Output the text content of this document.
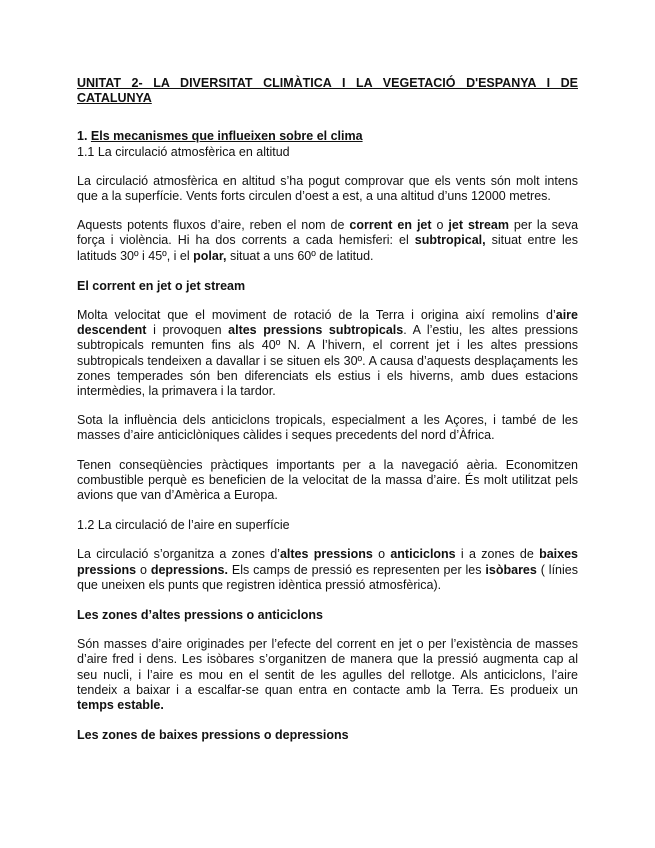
UNITAT 2- LA DIVERSITAT CLIMÀTICA I LA VEGETACIÓ D'ESPANYA I DE
CATALUNYA
1. Els mecanismes que influeixen sobre el clima
1.1 La circulació atmosfèrica en altitud

La circulació atmosfèrica en altitud s’ha pogut comprovar que els vents són molt intens que a la superfície. Vents forts circulen d’oest a est, a una altitud d’uns 12000 metres.

Aquests potents fluxos d’aire, reben el nom de corrent en jet o jet stream per la seva força i violència. Hi ha dos corrents a cada hemisferi: el subtropical, situat entre les latituds 30º i 45º, i el polar, situat a uns 60º de latitud.

El corrent en jet o jet stream

Molta velocitat que el moviment de rotació de la Terra i origina així remolins d’aire descendent i provoquen altes pressions subtropicals. A l’estiu, les altes pressions subtropicals remunten fins als 40º N. A l’hivern, el corrent jet i les altes pressions subtropicals tendeixen a davallar i se situen els 30º. A causa d’aquests desplaçaments les zones temperades són ben diferenciats els estius i els hiverns, amb dues estacions intermèdies, la primavera i la tardor.

Sota la influència dels anticiclons tropicals, especialment a les Açores, i també de les masses d’aire anticiclòniques càlides i seques precedents del nord d’Àfrica.

Tenen conseqüències pràctiques importants per a la navegació aèria. Economitzen combustible perquè es beneficien de la velocitat de la massa d’aire. És molt utilitzat pels avions que van d’Amèrica a Europa.

1.2 La circulació de l’aire en superfície

La circulació s’organitza a zones d’altes pressions o anticiclons i a zones de baixes pressions o depressions. Els camps de pressió es representen per les isòbares ( línies que uneixen els punts que registren idèntica pressió atmosfèrica).

Les zones d’altes pressions o anticiclons

Són masses d’aire originades per l’efecte del corrent en jet o per l’existència de masses d’aire fred i dens. Les isòbares s’organitzen de manera que la pressió augmenta cap al seu nucli, i l’aire es mou en el sentit de les agulles del rellotge. Als anticiclons, l’aire tendeix a baixar i a escalfar-se quan entra en contacte amb la Terra. Es produeix un temps estable.

Les zones de baixes pressions o depressions
